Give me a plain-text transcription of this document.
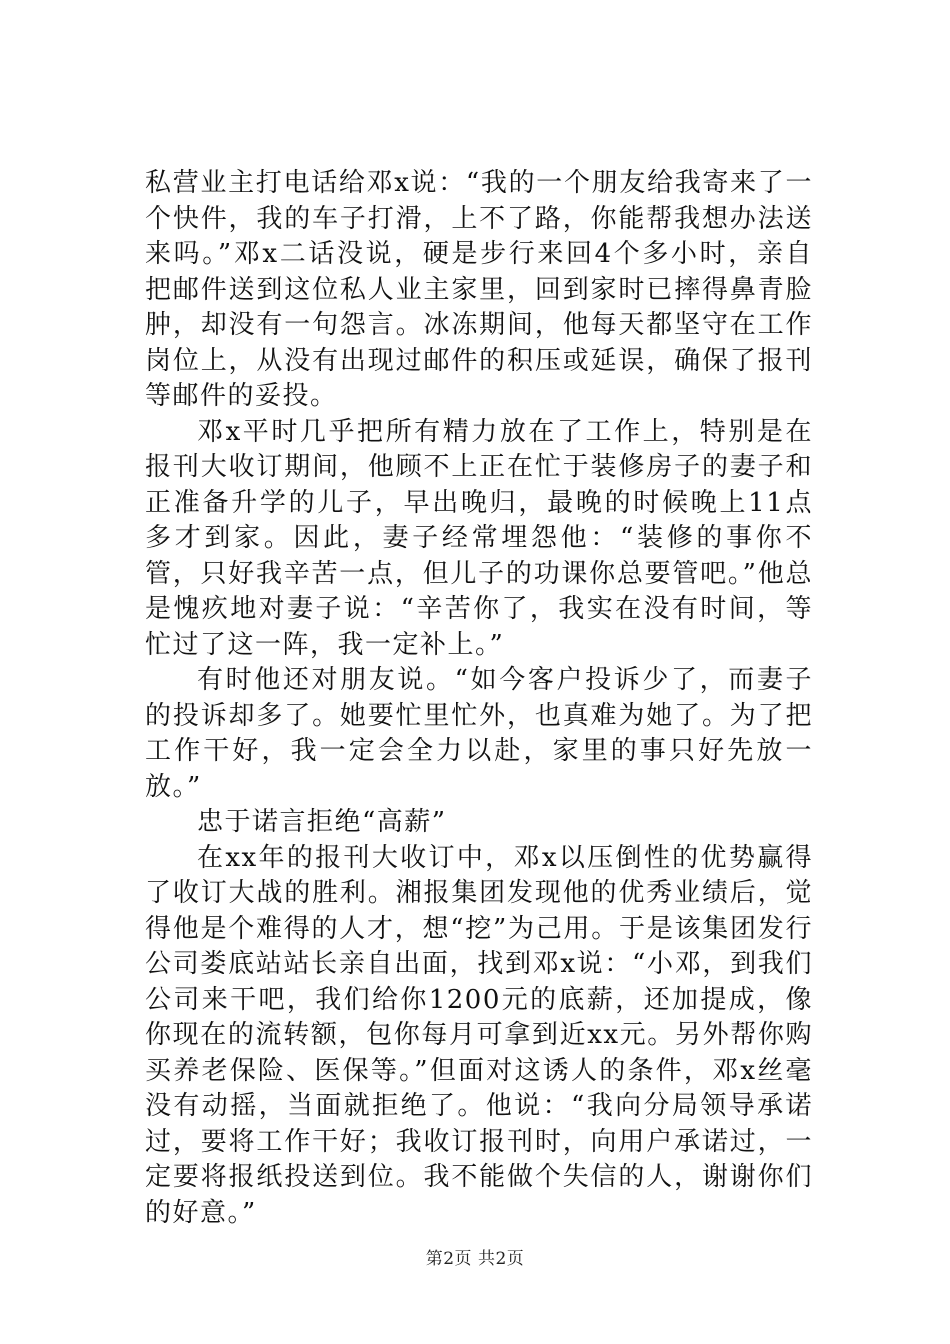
私营业主打电话给邓x说：“我的一个朋友给我寄来了一个快件，我的车子打滑，上不了路，你能帮我想办法送来吗。”邓x二话没说，硬是步行来回4个多小时，亲自把邮件送到这位私人业主家里，回到家时已摔得鼻青脸肿，却没有一句怨言。冰冻期间，他每天都坚守在工作岗位上，从没有出现过邮件的积压或延误，确保了报刊等邮件的妥投。

邓x平时几乎把所有精力放在了工作上，特别是在报刊大收订期间，他顾不上正在忙于装修房子的妻子和正准备升学的儿子，早出晚归，最晚的时候晚上11点多才到家。因此，妻子经常埋怨他：“装修的事你不管，只好我辛苦一点，但儿子的功课你总要管吧。”他总是愧疚地对妻子说：“辛苦你了，我实在没有时间，等忙过了这一阵，我一定补上。”

有时他还对朋友说。“如今客户投诉少了，而妻子的投诉却多了。她要忙里忙外，也真难为她了。为了把工作干好，我一定会全力以赴，家里的事只好先放一放。”

忠于诺言拒绝“高薪”

在xx年的报刊大收订中，邓x以压倒性的优势赢得了收订大战的胜利。湘报集团发现他的优秀业绩后，觉得他是个难得的人才，想“挖”为己用。于是该集团发行公司娄底站站长亲自出面，找到邓x说：“小邓，到我们公司来干吧，我们给你1200元的底薪，还加提成，像你现在的流转额，包你每月可拿到近xx元。另外帮你购买养老保险、医保等。”但面对这诱人的条件，邓x丝毫没有动摇，当面就拒绝了。他说：“我向分局领导承诺过，要将工作干好；我收订报刊时，向用户承诺过，一定要将报纸投送到位。我不能做个失信的人，谢谢你们的好意。”

第2页 共2页
